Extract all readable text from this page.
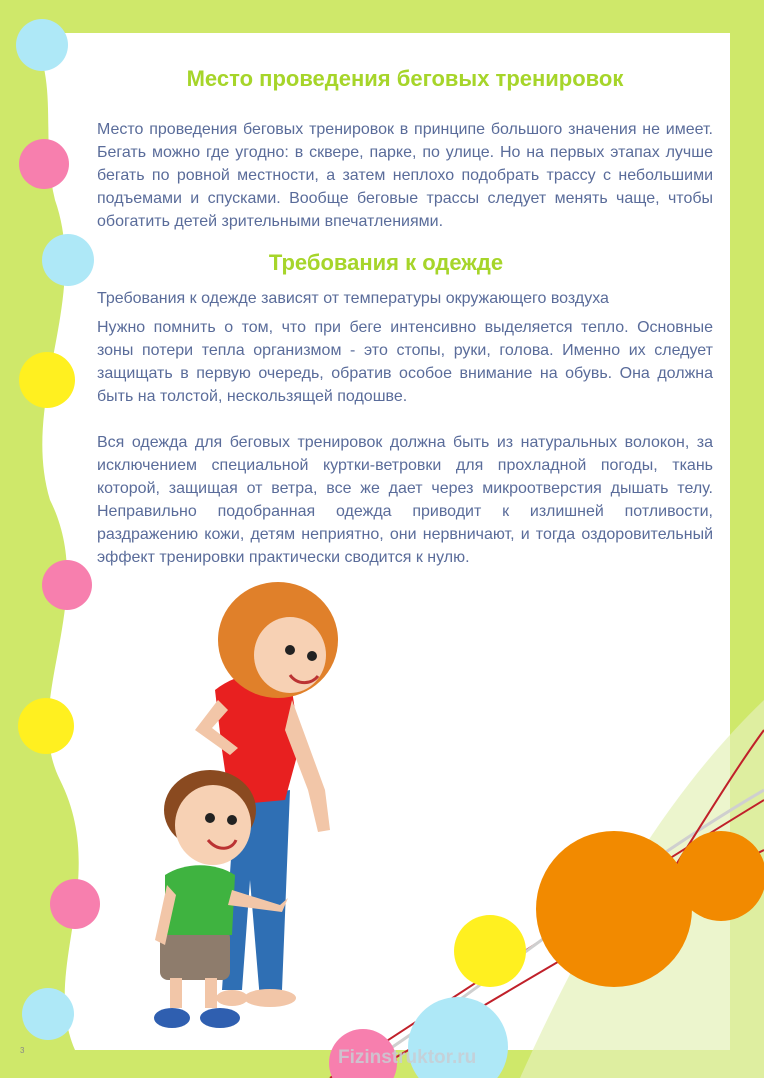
Место проведения беговых тренировок

Место проведения беговых тренировок в принципе большого значения не имеет. Бегать можно где угодно: в сквере, парке, по улице. Но на первых этапах лучше бегать по ровной местности, а затем неплохо подобрать трассу с небольшими подъемами и спусками. Вообще беговые трассы следует менять чаще, чтобы обогатить детей зрительными впечатлениями.

Требования к одежде

Требования к одежде зависят от температуры окружающего воздуха

Нужно помнить о том, что при беге интенсивно выделяется тепло. Основные зоны потери тепла организмом - это стопы, руки, голова. Именно их следует защищать в первую очередь, обратив особое внимание на обувь. Она должна быть на толстой, нескользящей подошве.

Вся одежда для беговых тренировок должна быть из натуральных волокон, за исключением специальной куртки-ветровки для прохладной погоды, ткань которой, защищая от ветра, все же дает через микроотверстия дышать телу. Неправильно подобранная одежда приводит к излишней потливости, раздражению кожи, детям неприятно, они нервничают, и тогда оздоровительный эффект тренировки практически сводится к нулю.

Fizinstruktor.ru
3
